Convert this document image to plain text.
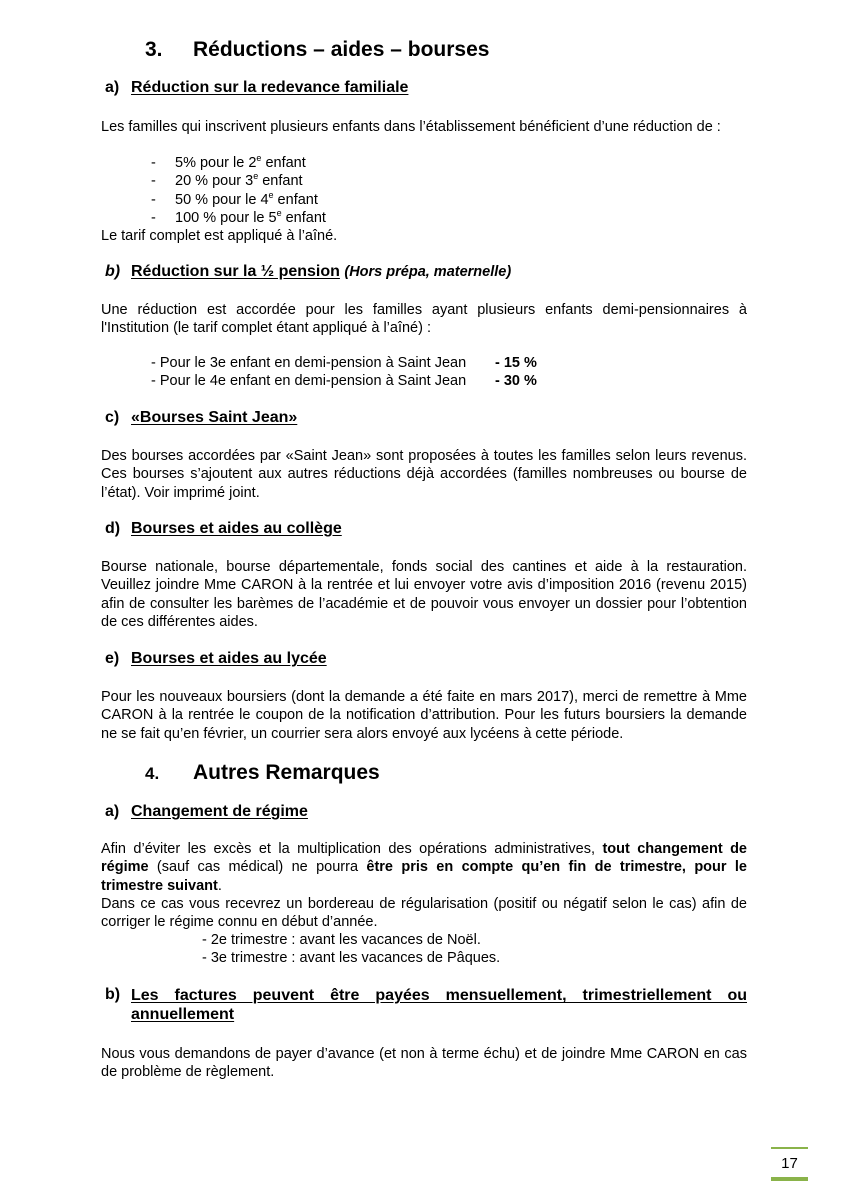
3. Réductions – aides – bourses
a) Réduction sur la redevance familiale
Les familles qui inscrivent plusieurs enfants dans l’établissement bénéficient d’une réduction de :
- 5% pour le 2e enfant
- 20 % pour 3e enfant
- 50 % pour le 4e enfant
- 100 % pour le 5e enfant
Le tarif complet est appliqué à l’aîné.
b) Réduction sur la ½ pension (Hors prépa, maternelle)
Une réduction est accordée pour les familles ayant plusieurs enfants demi-pensionnaires à l'Institution (le tarif complet étant appliqué à l’aîné) :
- Pour le 3e enfant en demi-pension à Saint Jean - 15 %
- Pour le 4e enfant en demi-pension à Saint Jean - 30 %
c) «Bourses Saint Jean»
Des bourses accordées par «Saint Jean» sont proposées à toutes les familles selon leurs revenus. Ces bourses s’ajoutent aux autres réductions déjà accordées (familles nombreuses ou bourse de l’état). Voir imprimé joint.
d) Bourses et aides au collège
Bourse nationale, bourse départementale, fonds social des cantines et aide à la restauration. Veuillez joindre Mme CARON à la rentrée et lui envoyer votre avis d’imposition 2016 (revenu 2015) afin de consulter les barèmes de l’académie et de pouvoir vous envoyer un dossier pour l’obtention de ces différentes aides.
e) Bourses et aides au lycée
Pour les nouveaux boursiers (dont la demande a été faite en mars 2017), merci de remettre à Mme CARON à la rentrée le coupon de la notification d’attribution. Pour les futurs boursiers la demande ne se fait qu’en février, un courrier sera alors envoyé aux lycéens à cette période.
4. Autres Remarques
a) Changement de régime
Afin d’éviter les excès et la multiplication des opérations administratives, tout changement de régime (sauf cas médical) ne pourra être pris en compte qu’en fin de trimestre, pour le trimestre suivant.
Dans ce cas vous recevrez un bordereau de régularisation (positif ou négatif selon le cas) afin de corriger le régime connu en début d’année.
- 2e trimestre : avant les vacances de Noël.
- 3e trimestre : avant les vacances de Pâques.
b) Les factures peuvent être payées mensuellement, trimestriellement ou annuellement
Nous vous demandons de payer d’avance (et non à terme échu) et de joindre Mme CARON en cas de problème de règlement.
17
